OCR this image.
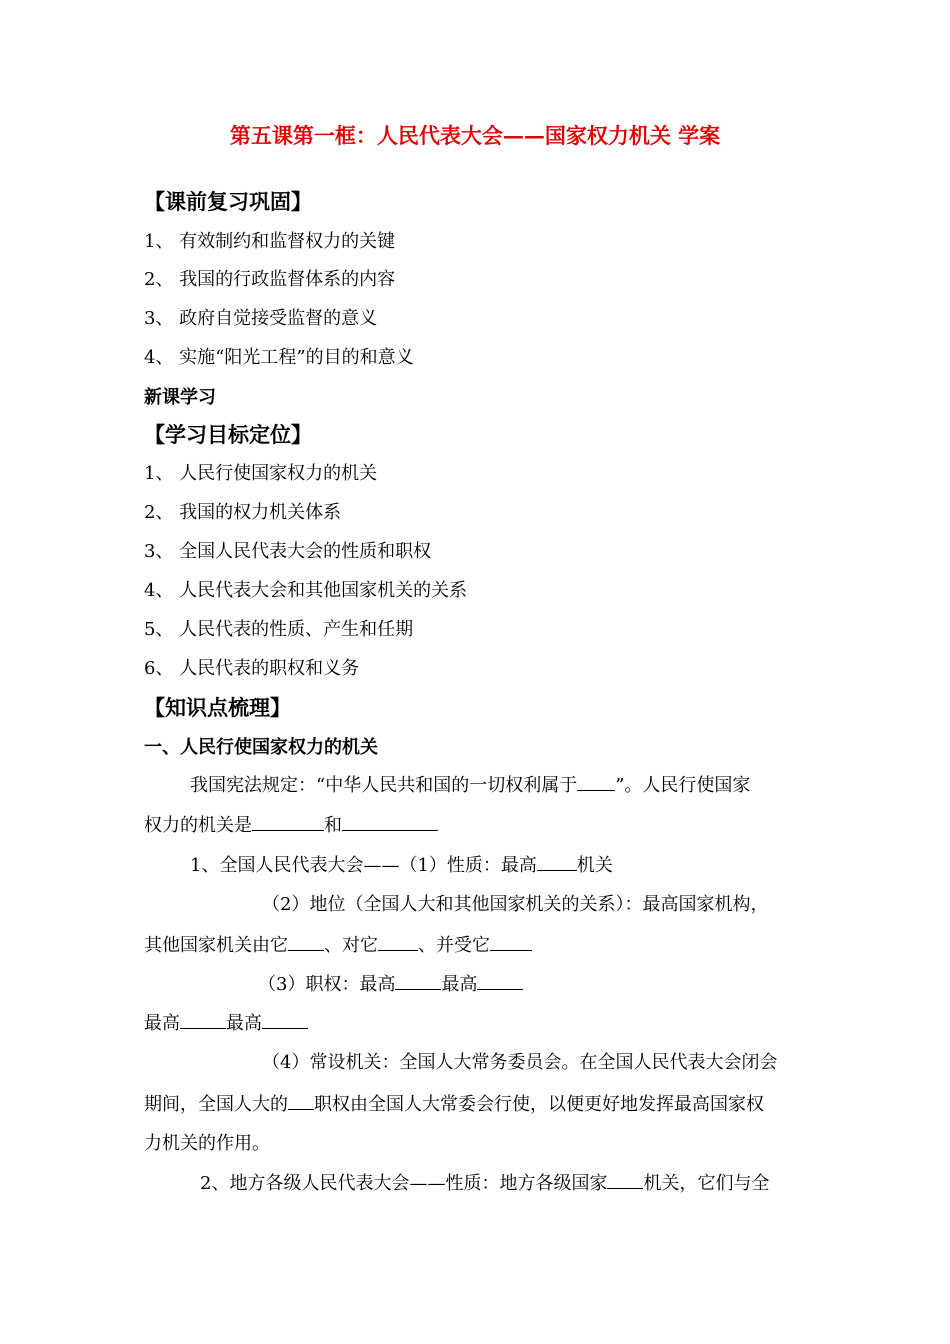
第五课第一框：人民代表大会——国家权力机关 学案
【课前复习巩固】
1、 有效制约和监督权力的关键
2、 我国的行政监督体系的内容
3、 政府自觉接受监督的意义
4、 实施“阳光工程”的目的和意义
新课学习
【学习目标定位】
1、 人民行使国家权力的机关
2、 我国的权力机关体系
3、 全国人民代表大会的性质和职权
4、 人民代表大会和其他国家机关的关系
5、 人民代表的性质、产生和任期
6、 人民代表的职权和义务
【知识点梳理】
一、人民行使国家权力的机关
我国宪法规定：“中华人民共和国的一切权利属于 ”。人民行使国家
权力的机关是	和
1、全国人民代表大会——（1）性质：最高 机关
（2）地位（全国人大和其他国家机关的关系）：最高国家机构，
其他国家机关由它 、对它 、并受它
（3）职权：最高	最高
最高	最高
（4）常设机关：全国人大常务委员会。在全国人民代表大会闭会
期间，全国人大的 职权由全国人大常委会行使，以便更好地发挥最高国家权
力机关的作用。
2、地方各级人民代表大会——性质：地方各级国家 机关，它们与全
